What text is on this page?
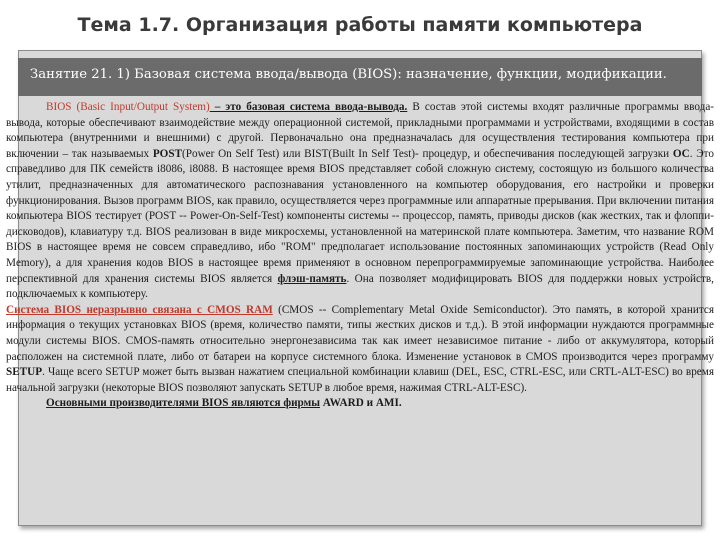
Тема 1.7. Организация работы памяти компьютера
Занятие 21. 1) Базовая система ввода/вывода (BIOS): назначение, функции, модификации.

BIOS (Basic Input/Output System) – это базовая система ввода-вывода. В состав этой системы входят различные программы ввода-вывода, которые обеспечивают взаимодействие между операционной системой, прикладными программами и устройствами, входящими в состав компьютера (внутренними и внешними) с другой. Первоначально она предназначалась для осуществления тестирования компьютера при включении – так называемых POST(Power On Self Test) или BIST(Built In Self Test)- процедур, и обеспечивания последующей загрузки ОС. Это справедливо для ПК семейств i8086, i8088. В настоящее время BIOS представляет собой сложную систему, состоящую из большого количества утилит, предназначенных для автоматического распознавания установленного на компьютер оборудования, его настройки и проверки функционирования. Вызов программ BIOS, как правило, осуществляется через программные или аппаратные прерывания. При включении питания компьютера BIOS тестирует (POST -- Power-On-Self-Test) компоненты системы -- процессор, память, приводы дисков (как жестких, так и флоппи-дисководов), клавиатуру т.д. BIOS реализован в виде микросхемы, установленной на материнской плате компьютера. Заметим, что название ROM BIOS в настоящее время не совсем справедливо, ибо "ROM" предполагает использование постоянных запоминающих устройств (Read Only Memory), а для хранения кодов BIOS в настоящее время применяют в основном перепрограммируемые запоминающие устройства. Наиболее перспективной для хранения системы BIOS является флэш-память. Она позволяет модифицировать BIOS для поддержки новых устройств, подключаемых к компьютеру.

Система BIOS неразрывно связана с CMOS RAM (CMOS -- Complementary Metal Oxide Semiconductor). Это память, в которой хранится информация о текущих установках BIOS (время, количество памяти, типы жестких дисков и т.д.). В этой информации нуждаются программные модули системы BIOS. CMOS-память относительно энергонезависима так как имеет независимое питание - либо от аккумулятора, который расположен на системной плате, либо от батареи на корпусе системного блока. Изменение установок в CMOS производится через программу SETUP. Чаще всего SETUP может быть вызван нажатием специальной комбинации клавиш (DEL, ESC, CTRL-ESC, или CRTL-ALT-ESC) во время начальной загрузки (некоторые BIOS позволяют запускать SETUP в любое время, нажимая CTRL-ALT-ESC).

Основными производителями BIOS являются фирмы AWARD и AMI.
